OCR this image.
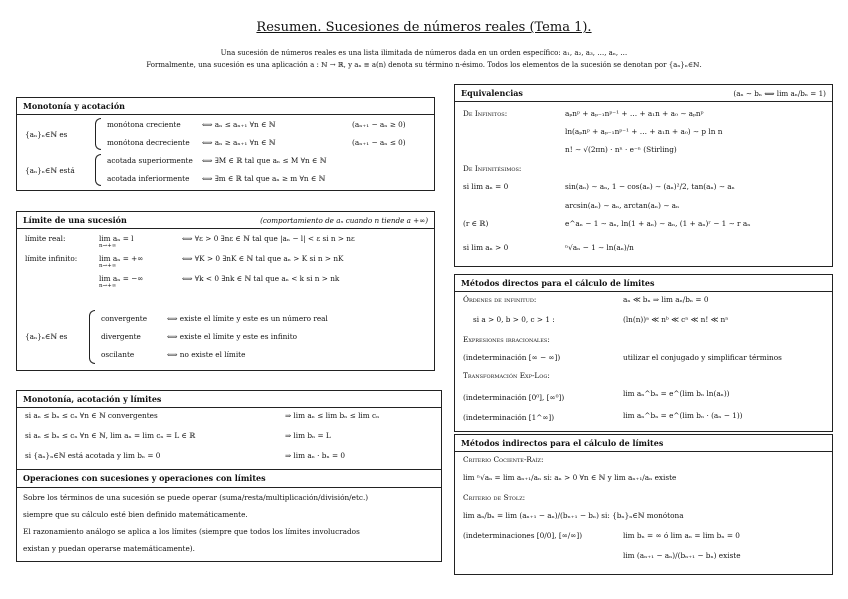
Resumen. Sucesiones de números reales (Tema 1).
Una sucesión de números reales es una lista ilimitada de números dada en un orden específico: a₁, a₂, a₃, …, aₙ, …
Formalmente, una sucesión es una aplicación a : ℕ → ℝ, y aₙ ≡ a(n) denota su término n-ésimo. Todos los elementos de la sucesión se denotan por {aₙ}ₙ∈ℕ.
Monotonía y acotación
{aₙ}ₙ∈ℕ es
{aₙ}ₙ∈ℕ está
monótona creciente	⟺ aₙ ≤ aₙ₊₁ ∀n ∈ ℕ	(aₙ₊₁ − aₙ ≥ 0)
monótona decreciente ⟺ aₙ ≥ aₙ₊₁ ∀n ∈ ℕ	(aₙ₊₁ − aₙ ≤ 0)
acotada superiormente ⟺ ∃M ∈ ℝ tal que aₙ ≤ M ∀n ∈ ℕ
acotada inferiormente ⟺ ∃m ∈ ℝ tal que aₙ ≥ m ∀n ∈ ℕ
Límite de una sucesión	(comportamiento de aₙ cuando n tiende a +∞)
límite real:	lim aₙ = l
n→+∞
⟺ ∀ε > 0 ∃nε ∈ ℕ tal que |aₙ − l| < ε si n > nε
límite infinito:	lim aₙ = +∞
n→+∞
⟺ ∀K > 0 ∃nK ∈ ℕ tal que aₙ > K si n > nK
lim aₙ = −∞
n→+∞
⟺ ∀k < 0 ∃nk ∈ ℕ tal que aₙ < k si n > nk
{aₙ}ₙ∈ℕ es
convergente	⟺ existe el límite y este es un número real
divergente	⟺ existe el límite y este es infinito
oscilante	⟺ no existe el límite
Monotonía, acotación y límites
si aₙ ≤ bₙ ≤ cₙ ∀n ∈ ℕ convergentes	⇒ lim aₙ ≤ lim bₙ ≤ lim cₙ
si aₙ ≤ bₙ ≤ cₙ ∀n ∈ ℕ, lim aₙ = lim cₙ = L ∈ ℝ	⇒ lim bₙ = L
si {aₙ}ₙ∈ℕ está acotada y lim bₙ = 0	⇒ lim aₙ · bₙ = 0
Operaciones con sucesiones y operaciones con límites
Sobre los términos de una sucesión se puede operar (suma/resta/multiplicación/división/etc.)
siempre que su cálculo esté bien definido matemáticamente.
El razonamiento análogo se aplica a los límites (siempre que todos los límites involucrados
existan y puedan operarse matemáticamente).
Equivalencias	(aₙ ∼ bₙ ⟺ lim aₙ/bₙ = 1)
De Infinitos:	aₚnᵖ + aₚ₋₁nᵖ⁻¹ + … + a₁n + a₀ ∼ aₚnᵖ
ln(aₚnᵖ + aₚ₋₁nᵖ⁻¹ + … + a₁n + a₀) ∼ p ln n
n! ∼ √(2πn) · nⁿ · e⁻ⁿ (Stirling)
De Infinitésimos:
si lim aₙ = 0	sin(aₙ) ∼ aₙ, 1 − cos(aₙ) ∼ (aₙ)²/2, tan(aₙ) ∼ aₙ
arcsin(aₙ) ∼ aₙ, arctan(aₙ) ∼ aₙ
(r ∈ ℝ)	e^aₙ − 1 ∼ aₙ, ln(1 + aₙ) ∼ aₙ, (1 + aₙ)ʳ − 1 ∼ r aₙ
si lim aₙ > 0	ⁿ√aₙ − 1 ∼ ln(aₙ)/n
Métodos directos para el cálculo de límites
Órdenes de infinitud:	aₙ ≪ bₙ ⇒ lim aₙ/bₙ = 0
si a > 0, b > 0, c > 1 :	(ln(n))ᵃ ≪ nᵇ ≪ cⁿ ≪ n! ≪ nⁿ
Expresiones irracionales:
(indeterminación [∞ − ∞])	utilizar el conjugado y simplificar términos
Transformación Exp-Log:
(indeterminación [0⁰], [∞⁰])	lim aₙ^bₙ = e^(lim bₙ ln(aₙ))
(indeterminación [1^∞])	lim aₙ^bₙ = e^(lim bₙ · (aₙ − 1))
Métodos indirectos para el cálculo de límites
Criterio Cociente-Raíz:
lim ⁿ√aₙ = lim aₙ₊₁/aₙ si: aₙ > 0 ∀n ∈ ℕ y lim aₙ₊₁/aₙ existe
Criterio de Stolz:
lim aₙ/bₙ = lim (aₙ₊₁ − aₙ)/(bₙ₊₁ − bₙ) si: {bₙ}ₙ∈ℕ monótona
(indeterminaciones [0/0], [∞/∞])	lim bₙ = ∞ ó lim aₙ = lim bₙ = 0
lim (aₙ₊₁ − aₙ)/(bₙ₊₁ − bₙ) existe
